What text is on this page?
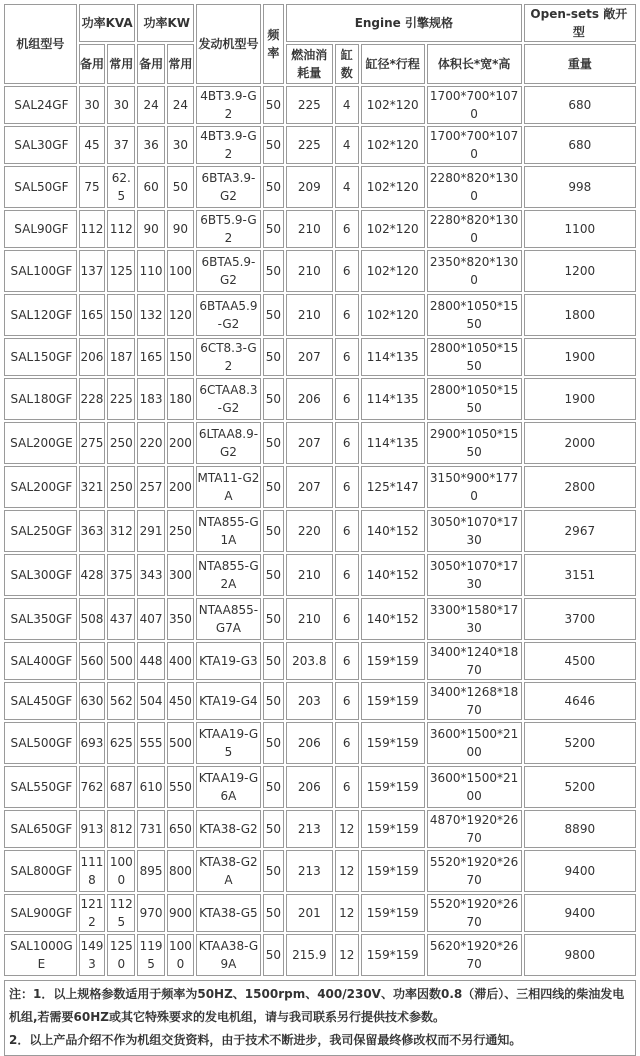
机组型号	功率KVA		功率KW		发动机型号	频率	Engine 引擎规格				Open-sets 敞开型
	备用	常用	备用	常用			燃油消耗量	缸数	缸径*行程	体积长*宽*高	重量
SAL24GF	30	30	24	24	4BT3.9-G2	50	225	4	102*120	1700*700*1070	680
SAL30GF	45	37	36	30	4BT3.9-G2	50	225	4	102*120	1700*700*1070	680
SAL50GF	75	62.5	60	50	6BTA3.9-G2	50	209	4	102*120	2280*820*1300	998
SAL90GF	112	112	90	90	6BT5.9-G2	50	210	6	102*120	2280*820*1300	1100
SAL100GF	137	125	110	100	6BTA5.9-G2	50	210	6	102*120	2350*820*1300	1200
SAL120GF	165	150	132	120	6BTAA5.9-G2	50	210	6	102*120	2800*1050*1550	1800
SAL150GF	206	187	165	150	6CT8.3-G2	50	207	6	114*135	2800*1050*1550	1900
SAL180GF	228	225	183	180	6CTAA8.3-G2	50	206	6	114*135	2800*1050*1550	1900
SAL200GE	275	250	220	200	6LTAA8.9-G2	50	207	6	114*135	2900*1050*1550	2000
SAL200GF	321	250	257	200	MTA11-G2A	50	207	6	125*147	3150*900*1770	2800
SAL250GF	363	312	291	250	NTA855-G1A	50	220	6	140*152	3050*1070*1730	2967
SAL300GF	428	375	343	300	NTA855-G2A	50	210	6	140*152	3050*1070*1730	3151
SAL350GF	508	437	407	350	NTAA855-G7A	50	210	6	140*152	3300*1580*1730	3700
SAL400GF	560	500	448	400	KTA19-G3	50	203.8	6	159*159	3400*1240*1870	4500
SAL450GF	630	562	504	450	KTA19-G4	50	203	6	159*159	3400*1268*1870	4646
SAL500GF	693	625	555	500	KTAA19-G5	50	206	6	159*159	3600*1500*2100	5200
SAL550GF	762	687	610	550	KTAA19-G6A	50	206	6	159*159	3600*1500*2100	5200
SAL650GF	913	812	731	650	KTA38-G2	50	213	12	159*159	4870*1920*2670	8890
SAL800GF	1118	1000	895	800	KTA38-G2A	50	213	12	159*159	5520*1920*2670	9400
SAL900GF	1212	1125	970	900	KTA38-G5	50	201	12	159*159	5520*1920*2670	9400
SAL1000GE	1493	1250	1195	1000	KTAA38-G9A	50	215.9	12	159*159	5620*1920*2670	9800
注：1．以上规格参数适用于频率为50HZ、1500rpm、400/230V、功率因数0.8（滞后）、三相四线的柴油发电机组,若需要60HZ或其它特殊要求的发电机组，请与我司联系另行提供技术参数。
2．以上产品介绍不作为机组交货资料，由于技术不断进步，我司保留最终修改权而不另行通知。
